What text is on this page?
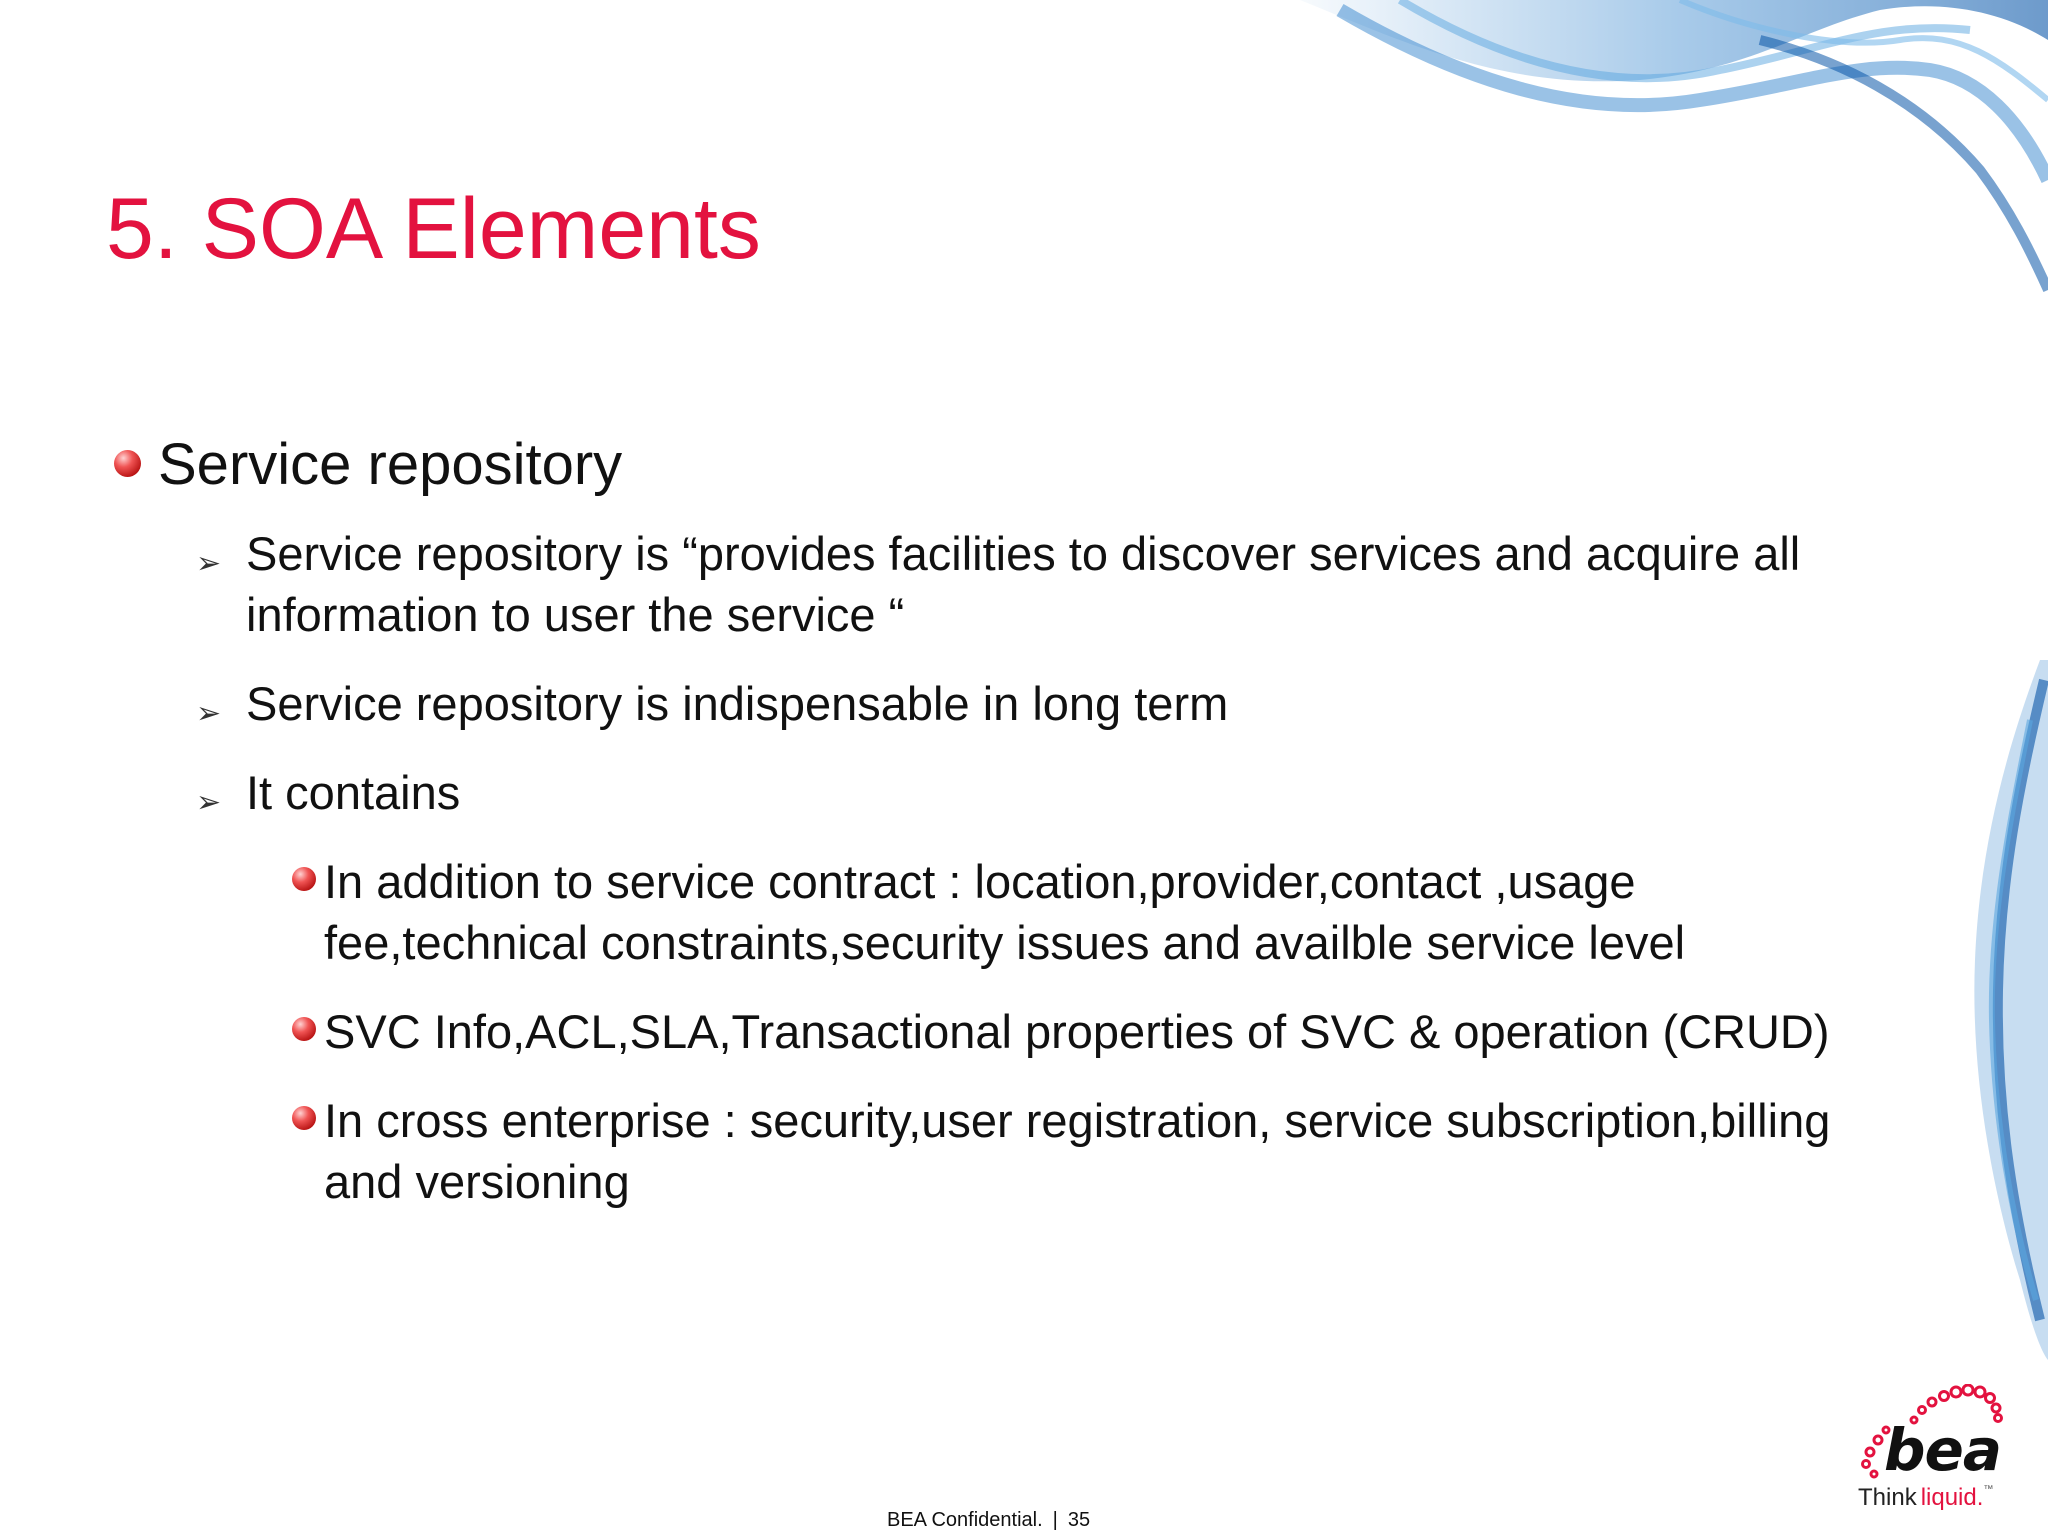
5. SOA Elements
Service repository
➢ Service repository is “provides facilities to discover services and acquire all information to user the service “
➢ Service repository is indispensable in long term
➢ It contains
In addition to service contract : location,provider,contact ,usage fee,technical constraints,security issues and availble service level
SVC Info,ACL,SLA,Transactional properties of SVC & operation (CRUD)
In cross enterprise : security,user registration, service subscription,billing and versioning
BEA Confidential. | 35
bea
Think liquid.™
